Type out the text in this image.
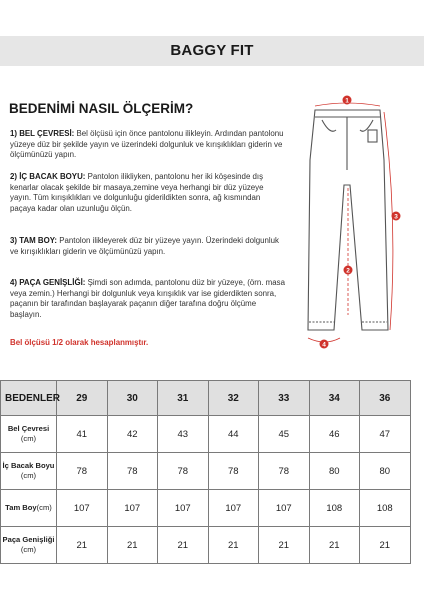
BAGGY FIT
BEDENİMİ NASIL ÖLÇERİM?
1) BEL ÇEVRESİ: Bel ölçüsü için önce pantolonu ilikleyin. Ardından pantolonu yüzeye düz bir şekilde yayın ve üzerindeki dolgunluk ve kırışıklıkları giderin ve ölçümünüzü yapın.
2) İÇ BACAK BOYU: Pantolon ilikliyken, pantolonu her iki köşesinde dış kenarlar olacak şekilde bir masaya,zemine veya herhangi bir düz yüzeye yayın. Tüm kırışıklıkları ve dolgunluğu giderildikten sonra, ağ kısmından paçaya kadar olan uzunluğu ölçün.
3) TAM BOY: Pantolon ilikleyerek düz bir yüzeye yayın. Üzerindeki dolgunluk ve kırışıklıkları giderin ve ölçümünüzü yapın.
4) PAÇA GENİŞLİĞİ: Şimdi son adımda, pantolonu düz bir yüzeye, (örn. masa veya zemin.) Herhangi bir dolgunluk veya kırışıklık var ise giderdikten sonra, paçanın bir tarafından başlayarak paçanın diğer tarafına doğru ölçüme başlayın.
Bel ölçüsü 1/2 olarak hesaplanmıştır.
1
2
3
4
BEDENLER	29	30	31	32	33	34	36
Bel Çevresi
(cm)	41	42	43	44	45	46	47
İç Bacak Boyu
(cm)	78	78	78	78	78	80	80
Tam Boy(cm)	107	107	107	107	107	108	108
Paça Genişliği
(cm)	21	21	21	21	21	21	21
